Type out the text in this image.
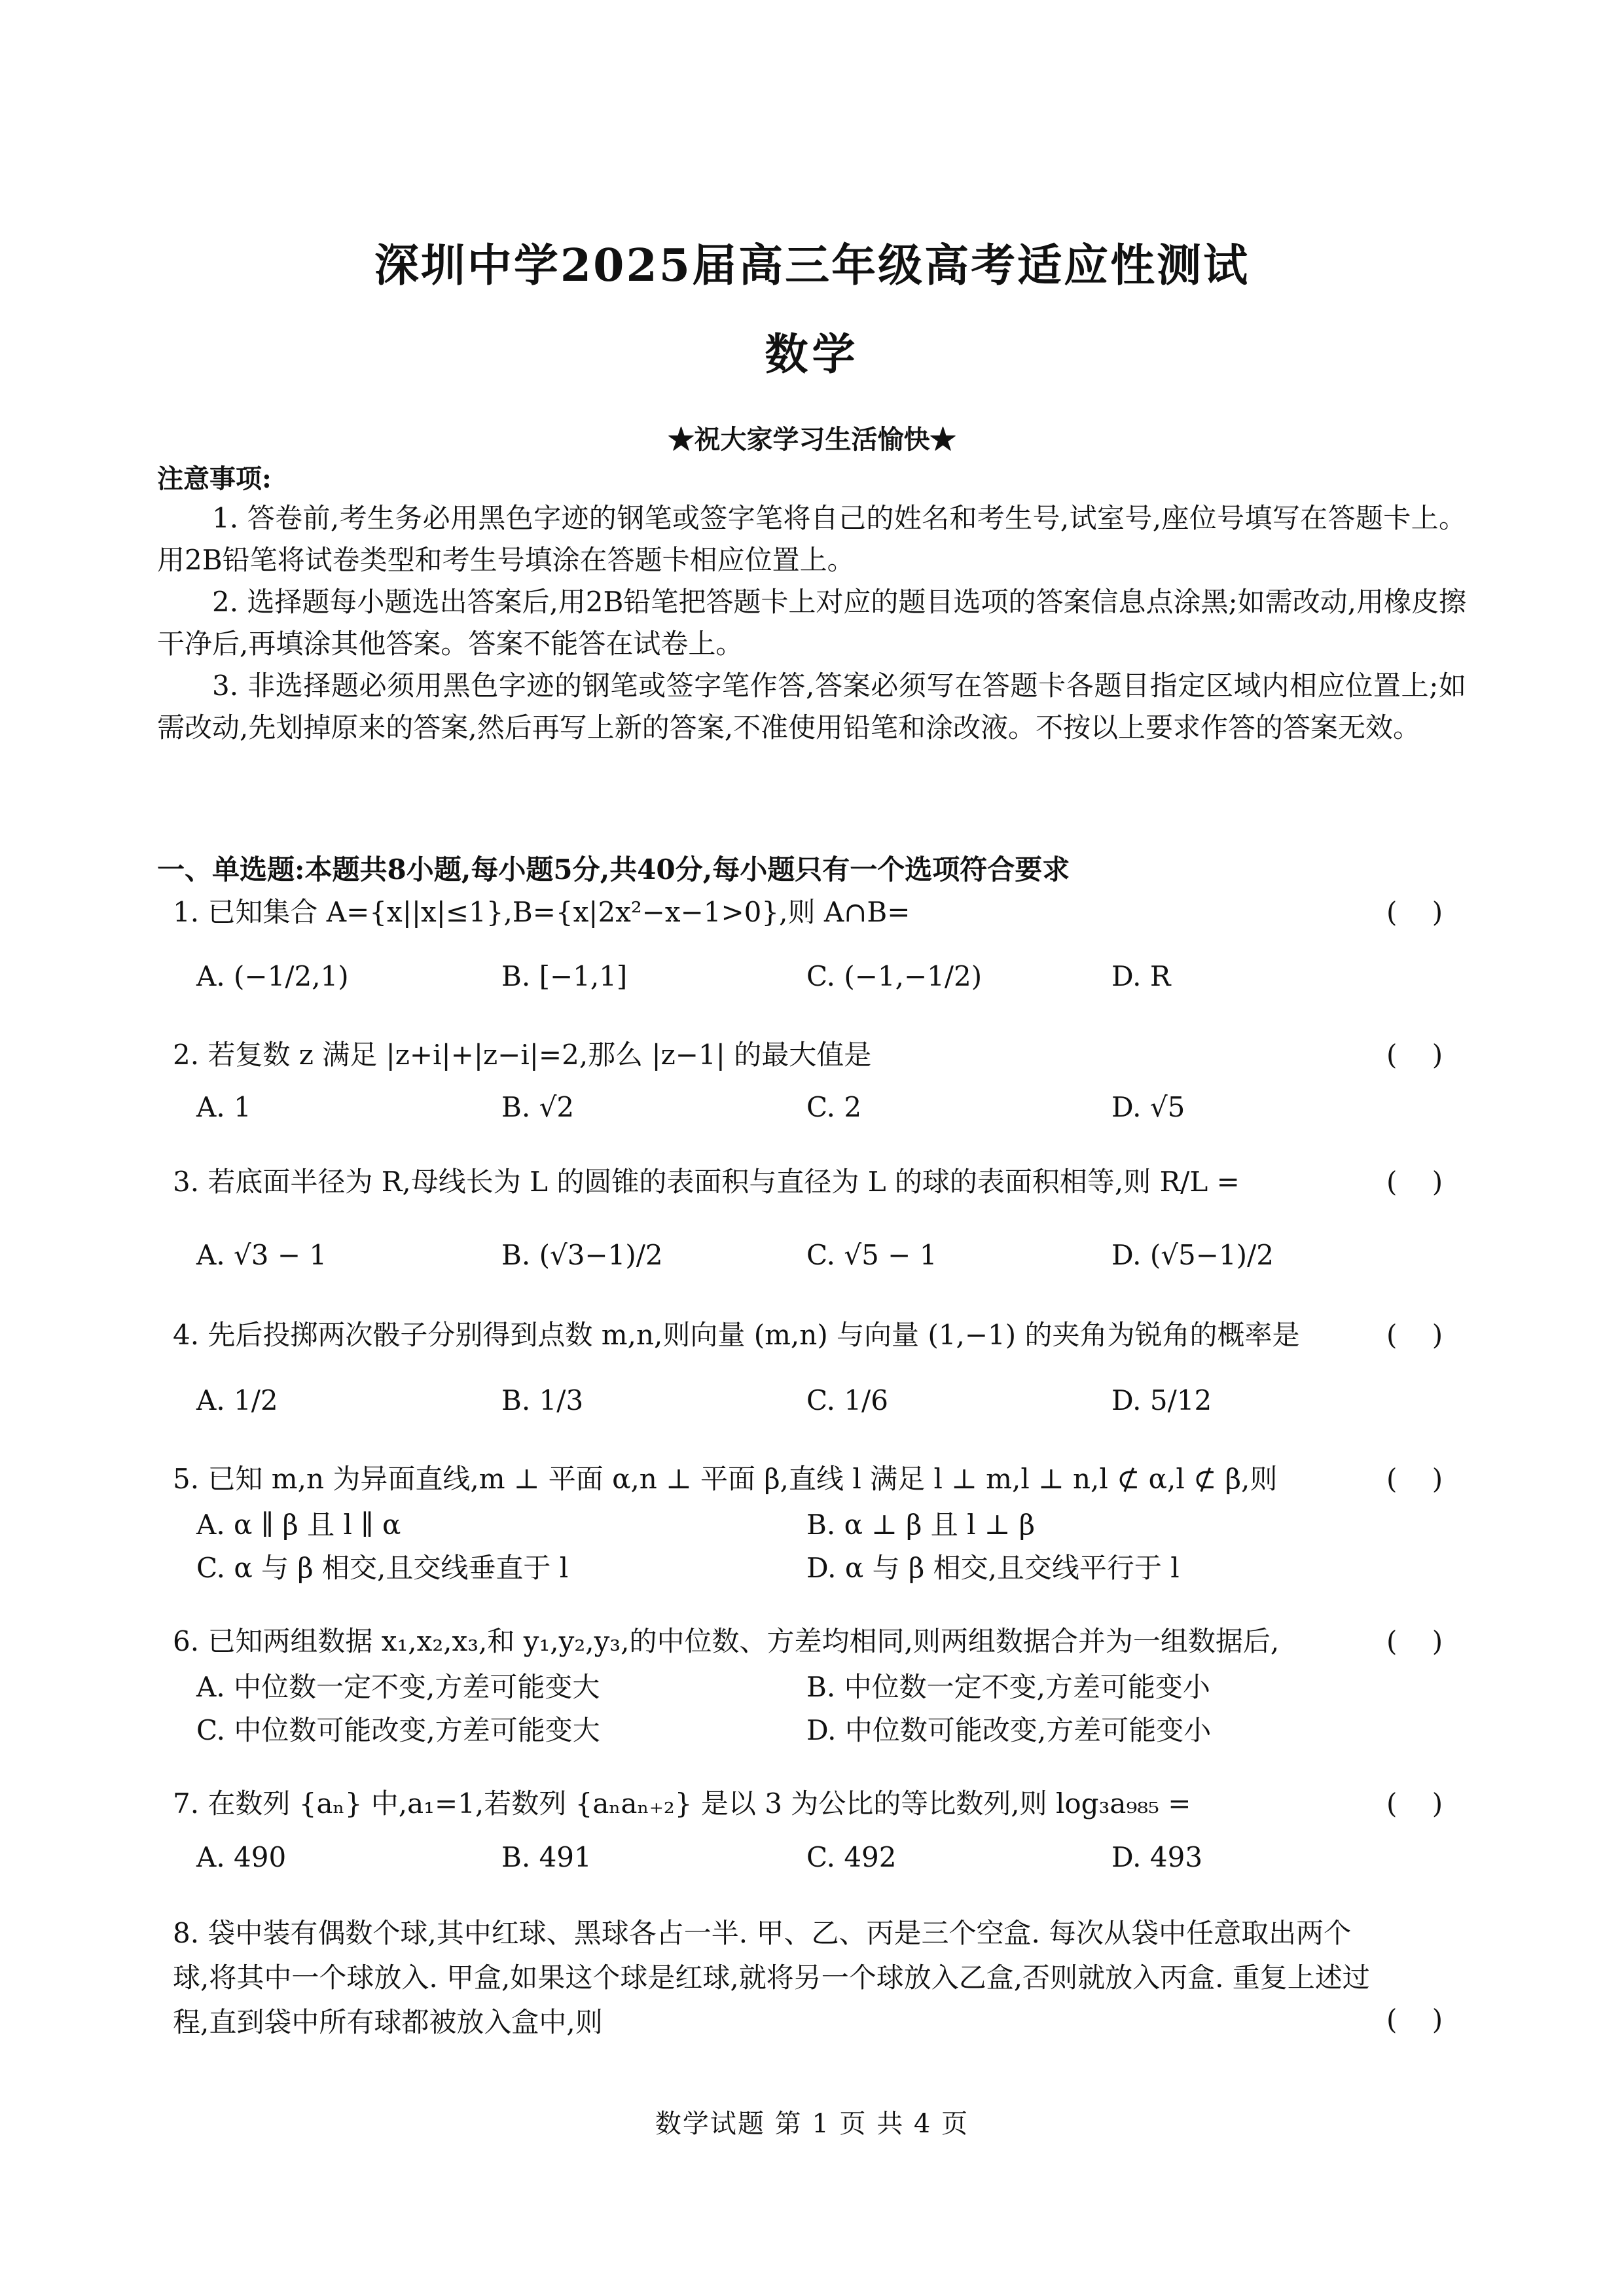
深圳中学2025届高三年级高考适应性测试
数学
★祝大家学习生活愉快★
注意事项:

1. 答卷前,考生务必用黑色字迹的钢笔或签字笔将自己的姓名和考生号,试室号,座位号填写在答题卡上。用2B铅笔将试卷类型和考生号填涂在答题卡相应位置上。

2. 选择题每小题选出答案后,用2B铅笔把答题卡上对应的题目选项的答案信息点涂黑;如需改动,用橡皮擦干净后,再填涂其他答案。答案不能答在试卷上。

3. 非选择题必须用黑色字迹的钢笔或签字笔作答,答案必须写在答题卡各题目指定区域内相应位置上;如需改动,先划掉原来的答案,然后再写上新的答案,不准使用铅笔和涂改液。不按以上要求作答的答案无效。

一、单选题:本题共8小题,每小题5分,共40分,每小题只有一个选项符合要求
1. 已知集合 A={x||x|≤1},B={x|2x²−x−1>0},则 A∩B=	(    )
A. (−1/2,1)	B. [−1,1]	C. (−1,−1/2)	D. R
2. 若复数 z 满足 |z+i|+|z−i|=2,那么 |z−1| 的最大值是	(    )
A. 1	B. √2	C. 2	D. √5
3. 若底面半径为 R,母线长为 L 的圆锥的表面积与直径为 L 的球的表面积相等,则 R/L =	(    )
A. √3 − 1	B. (√3−1)/2	C. √5 − 1	D. (√5−1)/2
4. 先后投掷两次骰子分别得到点数 m,n,则向量 (m,n) 与向量 (1,−1) 的夹角为锐角的概率是	(    )
A. 1/2	B. 1/3	C. 1/6	D. 5/12
5. 已知 m,n 为异面直线,m ⊥ 平面 α,n ⊥ 平面 β,直线 l 满足 l ⊥ m,l ⊥ n,l ⊄ α,l ⊄ β,则	(    )
A. α ∥ β 且 l ∥ α	B. α ⊥ β 且 l ⊥ β
C. α 与 β 相交,且交线垂直于 l	D. α 与 β 相交,且交线平行于 l
6. 已知两组数据 x₁,x₂,x₃,和 y₁,y₂,y₃,的中位数、方差均相同,则两组数据合并为一组数据后,	(    )
A. 中位数一定不变,方差可能变大	B. 中位数一定不变,方差可能变小
C. 中位数可能改变,方差可能变大	D. 中位数可能改变,方差可能变小
7. 在数列 {aₙ} 中,a₁=1,若数列 {aₙaₙ₊₂} 是以 3 为公比的等比数列,则 log₃a₉₈₅ =	(    )
A. 490	B. 491	C. 492	D. 493
8. 袋中装有偶数个球,其中红球、黑球各占一半. 甲、乙、丙是三个空盒. 每次从袋中任意取出两个球,将其中一个球放入. 甲盒,如果这个球是红球,就将另一个球放入乙盒,否则就放入丙盒. 重复上述过程,直到袋中所有球都被放入盒中,则	(    )
数学试题 第 1 页 共 4 页
